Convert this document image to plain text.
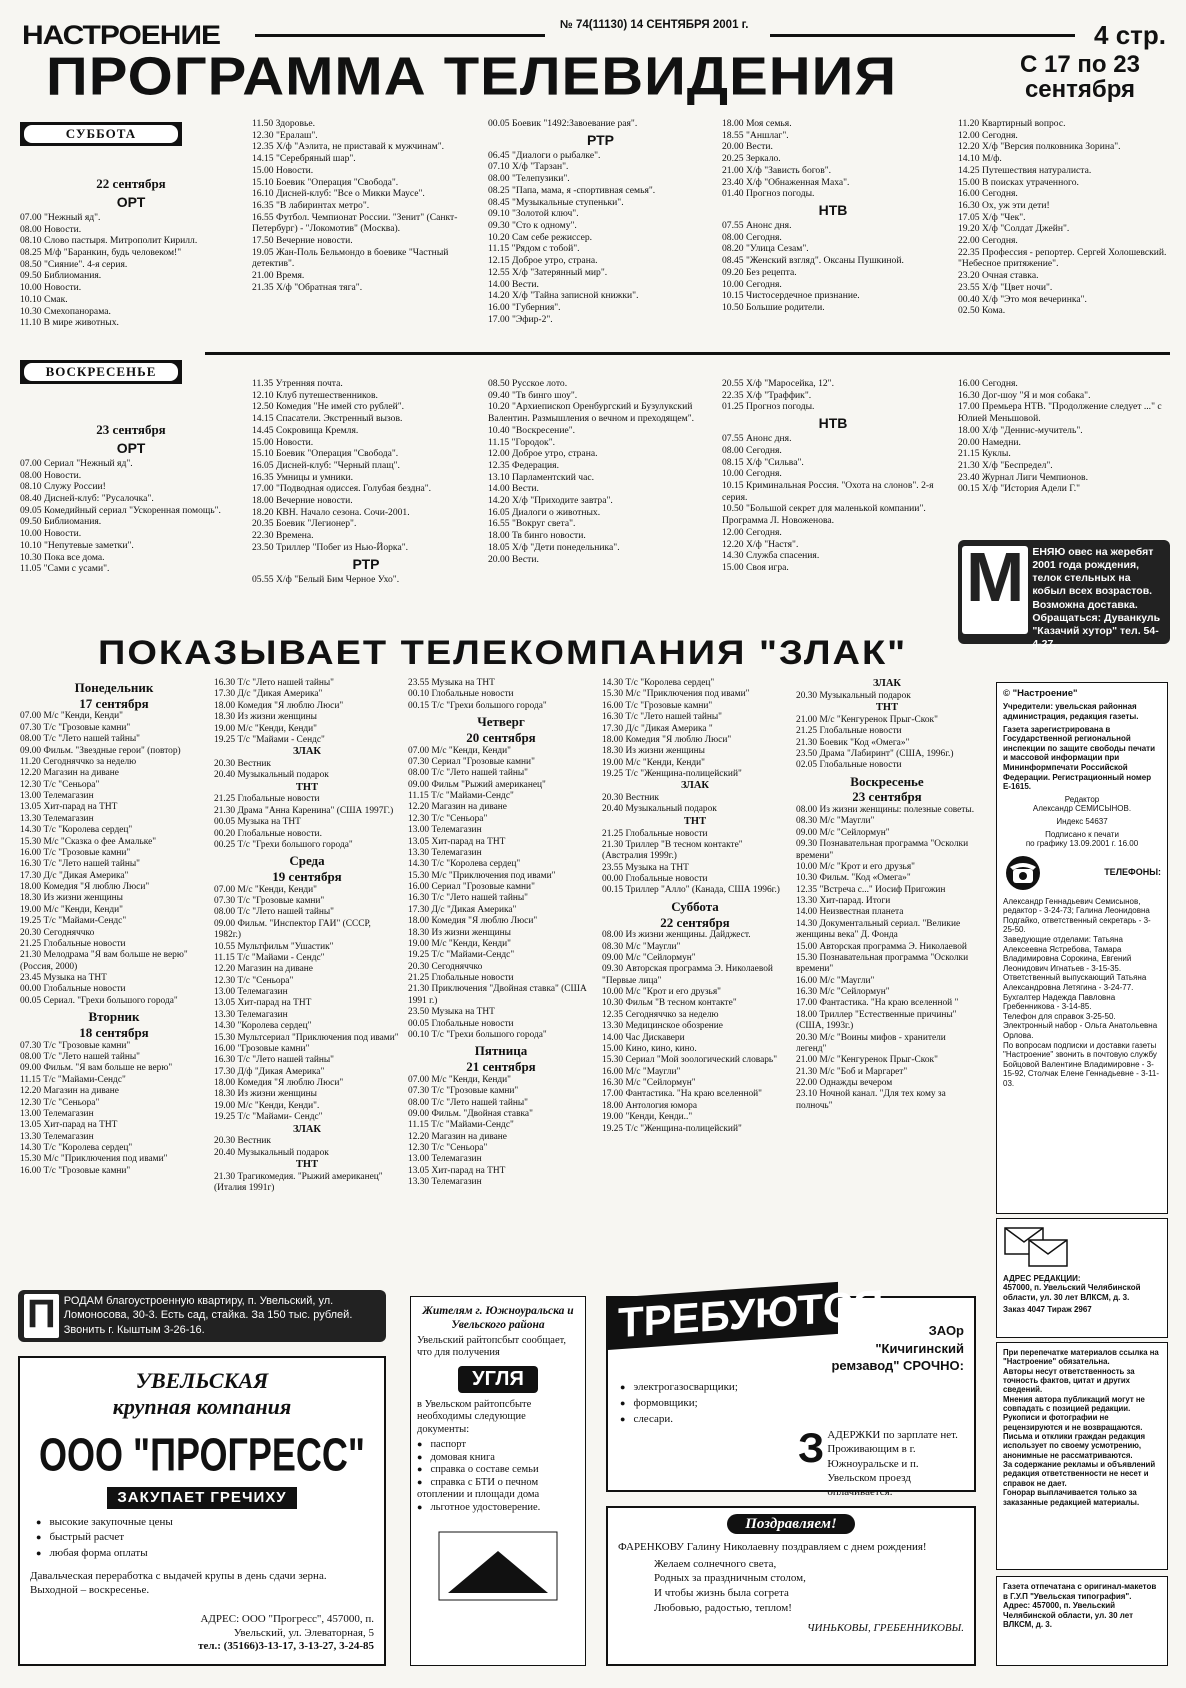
НАСТРОЕНИЕ	№ 74(11130) 14 СЕНТЯБРЯ 2001 г.	4 стр.
ПРОГРАММА ТЕЛЕВИДЕНИЯ	С 17 по 23
сентября
СУББОТА
22 сентября
ОРТ
07.00 "Нежный яд".
08.00 Новости.
08.10 Слово пастыря. Митрополит Кирилл.
08.25 М/ф "Баранкин, будь человеком!"
08.50 "Сияние". 4-я серия.
09.50 Библиомания.
10.00 Новости.
10.10 Смак.
10.30 Смехопанорама.
11.10 В мире животных.
11.50 Здоровье.
12.30 "Ералаш".
12.35 Х/ф "Аэлита, не приставай к мужчинам".
14.15 "Серебряный шар".
15.00 Новости.
15.10 Боевик "Операция "Свобода".
16.10 Дисней-клуб: "Все о Микки Маусе".
16.35 "В лабиринтах метро".
16.55 Футбол. Чемпионат России. "Зенит" (Санкт-Петербург) - "Локомотив" (Москва).
17.50 Вечерние новости.
19.05 Жан-Поль Бельмондо в боевике "Частный детектив".
21.00 Время.
21.35 Х/ф "Обратная тяга".
00.05 Боевик "1492:Завоевание рая".
РТР
06.45 "Диалоги о рыбалке".
07.10 Х/ф "Тарзан".
08.00 "Телепузики".
08.25 "Папа, мама, я -спортивная семья".
08.45 "Музыкальные ступеньки".
09.10 "Золотой ключ".
09.30 "Сто к одному".
10.20 Сам себе режиссер.
11.15 "Рядом с тобой".
12.15 Доброе утро, страна.
12.55 Х/ф "Затерянный мир".
14.00 Вести.
14.20 Х/ф "Тайна записной книжки".
16.00 "Губерния".
17.00 "Эфир-2".
18.00 Моя семья.
18.55 "Аншлаг".
20.00 Вести.
20.25 Зеркало.
21.00 Х/ф "Зависть богов".
23.40 Х/ф "Обнаженная Маха".
01.40 Прогноз погоды.
НТВ
07.55 Анонс дня.
08.00 Сегодня.
08.20 "Улица Сезам".
08.45 "Женский взгляд". Оксаны Пушкиной.
09.20 Без рецепта.
10.00 Сегодня.
10.15 Чистосердечное признание.
10.50 Большие родители.
11.20 Квартирный вопрос.
12.00 Сегодня.
12.20 Х/ф "Версия полковника Зорина".
14.10 М/ф.
14.25 Путешествия натуралиста.
15.00 В поисках утраченного.
16.00 Сегодня.
16.30 Ох, уж эти дети!
17.05 Х/ф "Чек".
19.20 Х/ф "Солдат Джейн".
22.00 Сегодня.
22.35 Профессия - репортер. Сергей Холошевский. "Небесное притяжение".
23.20 Очная ставка.
23.55 Х/ф "Цвет ночи".
00.40 Х/ф "Это моя вечеринка".
02.50 Кома.
ВОСКРЕСЕНЬЕ
23 сентября
ОРТ
07.00 Сериал "Нежный яд".
08.00 Новости.
08.10 Служу России!
08.40 Дисней-клуб: "Русалочка".
09.05 Комедийный сериал "Ускоренная помощь".
09.50 Библиомания.
10.00 Новости.
10.10 "Непутевые заметки".
10.30 Пока все дома.
11.05 "Сами с усами".
11.35 Утренняя почта.
12.10 Клуб путешественников.
12.50 Комедия "Не имей сто рублей".
14.15 Спасатели. Экстренный вызов.
14.45 Сокровища Кремля.
15.00 Новости.
15.10 Боевик "Операция "Свобода".
16.05 Дисней-клуб: "Черный плащ".
16.35 Умницы и умники.
17.00 "Подводная одиссея. Голубая бездна".
18.00 Вечерние новости.
18.20 КВН. Начало сезона. Сочи-2001.
20.35 Боевик "Легионер".
22.30 Времена.
23.50 Триллер "Побег из Нью-Йорка".
РТР
05.55 Х/ф "Белый Бим Черное Ухо".
08.50 Русское лото.
09.40 "Тв бинго шоу".
10.20 "Архиепископ Оренбургский и Бузулукский Валентин. Размышления о вечном и преходящем".
10.40 "Воскресение".
11.15 "Городок".
12.00 Доброе утро, страна.
12.35 Федерация.
13.10 Парламентский час.
14.00 Вести.
14.20 Х/ф "Приходите завтра".
16.05 Диалоги о животных.
16.55 "Вокруг света".
18.00 Тв бинго новости.
18.05 Х/ф "Дети понедельника".
20.00 Вести.
20.55 Х/ф "Маросейка, 12".
22.35 Х/ф "Траффик".
01.25 Прогноз погоды.
НТВ
07.55 Анонс дня.
08.00 Сегодня.
08.15 Х/ф "Сильва".
10.00 Сегодня.
10.15 Криминальная Россия. "Охота на слонов". 2-я серия.
10.50 "Большой секрет для маленькой компании". Программа Л. Новоженова.
12.00 Сегодня.
12.20 Х/ф "Настя".
14.30 Служба спасения.
15.00 Своя игра.
16.00 Сегодня.
16.30 Дог-шоу "Я и моя собака".
17.00 Премьера НТВ. "Продолжение следует ..." с Юлией Меньшовой.
18.00 Х/ф "Деннис-мучитель".
20.00 Намедни.
21.15 Куклы.
21.30 Х/ф "Беспредел".
23.40 Журнал Лиги Чемпионов.
00.15 Х/ф "История Адели Г."
М ЕНЯЮ овес на жеребят 2001 года рождения, телок стельных на кобыл всех возрастов. Возможна доставка. Обращаться: Дуванкуль "Казачий хутор" тел. 54-4-27.
ПОКАЗЫВАЕТ ТЕЛЕКОМПАНИЯ "ЗЛАК"
Понедельник
17 сентября
07.00 М/с "Кенди, Кенди"
07.30 Т/с "Грозовые камни"
08.00 Т/с "Лето нашей тайны"
09.00 Фильм. "Звездные герои" (повтор)
11.20 Сегодняччко за неделю
12.20 Магазин на диване
12.30 Т/с "Сеньора"
13.00 Телемагазин
13.05 Хит-парад на ТНТ
13.30 Телемагазин
14.30 Т/с "Королева сердец"
15.30 М/с "Сказка о фее Амальке"
16.00 Т/с "Грозовые камни"
16.30 Т/с "Лето нашей тайны"
17.30 Д/с "Дикая Америка"
18.00 Комедия "Я люблю Люси"
18.30 Из жизни женщины
19.00 М/с "Кенди, Кенди"
19.25 Т/с "Майами-Сендс"
20.30 Сегодняччко
21.25 Глобальные новости
21.30 Мелодрама "Я вам больше не верю" (Россия, 2000)
23.45 Музыка на ТНТ
00.00 Глобальные новости
00.05 Сериал. "Грехи большого города"
Вторник
18 сентября
07.30 Т/с "Грозовые камни"
08.00 Т/с "Лето нашей тайны"
09.00 Фильм. "Я вам больше не верю"
11.15 Т/с "Майами-Сендс"
12.20 Магазин на диване
12.30 Т/с "Сеньора"
13.00 Телемагазин
13.05 Хит-парад на ТНТ
13.30 Телемагазин
14.30 Т/с "Королева сердец"
15.30 М/с "Приключения под ивами"
16.00 Т/с "Грозовые камни"
16.30 Т/с "Лето нашей тайны"
17.30 Д/с "Дикая Америка"
18.00 Комедия "Я люблю Люси"
18.30 Из жизни женщины
19.00 М/с "Кенди, Кенди"
19.25 Т/с "Майами - Сендс"
ЗЛАК
20.30 Вестник
20.40 Музыкальный подарок
ТНТ
21.25 Глобальные новости
21.30 Драма "Анна Каренина" (США 1997Г.)
00.05 Музыка на ТНТ
00.20 Глобальные новости.
00.25 Т/с "Грехи большого города"
Среда
19 сентября
07.00 М/с "Кенди, Кенди"
07.30 Т/с "Грозовые камни"
08.00 Т/с "Лето нашей тайны"
09.00 Фильм. "Инспектор ГАИ" (СССР, 1982г.)
10.55 Мультфильм "Ушастик"
11.15 Т/с "Майами - Сендс"
12.20 Магазин на диване
12.30 Т/с "Сеньора"
13.00 Телемагазин
13.05 Хит-парад на ТНТ
13.30 Телемагазин
14.30 "Королева сердец"
15.30 Мультсериал "Приключения под ивами"
16.00 "Грозовые камни"
16.30 Т/с "Лето нашей тайны"
17.30 Д/ф "Дикая Америка"
18.00 Комедия "Я люблю Люси"
18.30 Из жизни женщины
19.00 М/с "Кенди, Кенди".
19.25 Т/с "Майами- Сендс"
ЗЛАК
20.30 Вестник
20.40 Музыкальный подарок
ТНТ
21.30 Трагикомедия. "Рыжий американец" (Италия 1991г)
23.55 Музыка на ТНТ
00.10 Глобальные новости
00.15 Т/с "Грехи большого города"
Четверг
20 сентября
07.00 М/с "Кенди, Кенди"
07.30 Сериал "Грозовые камни"
08.00 Т/с "Лето нашей тайны"
09.00 Фильм "Рыжий американец"
11.15 Т/с "Майами-Сендс"
12.20 Магазин на диване
12.30 Т/с "Сеньора"
13.00 Телемагазин
13.05 Хит-парад на ТНТ
13.30 Телемагазин
14.30 Т/с "Королева сердец"
15.30 М/с "Приключения под ивами"
16.00 Сериал "Грозовые камни"
16.30 Т/с "Лето нашей тайны"
17.30 Д/с "Дикая Америка"
18.00 Комедия "Я люблю Люси"
18.30 Из жизни женщины
19.00 М/с "Кенди, Кенди"
19.25 Т/с "Майами-Сендс"
20.30 Сегодняччко
21.25 Глобальные новости
21.30 Приключения "Двойная ставка" (США 1991 г.)
23.50 Музыка на ТНТ
00.05 Глобальные новости
00.10 Т/с "Грехи большого города"
Пятница
21 сентября
07.00 М/с "Кенди, Кенди"
07.30 Т/с "Грозовые камни"
08.00 Т/с "Лето нашей тайны"
09.00 Фильм. "Двойная ставка"
11.15 Т/с "Майами-Сендс"
12.20 Магазин на диване
12.30 Т/с "Сеньора"
13.00 Телемагазин
13.05 Хит-парад на ТНТ
13.30 Телемагазин
14.30 Т/с "Королева сердец"
15.30 М/с "Приключения под ивами"
16.00 Т/с "Грозовые камни"
16.30 Т/с "Лето нашей тайны"
17.30 Д/с "Дикая Америка "
18.00 Комедия "Я люблю Люси"
18.30 Из жизни женщины
19.00 М/с "Кенди, Кенди"
19.25 Т/с "Женщина-полицейский"
ЗЛАК
20.30 Вестник
20.40 Музыкальный подарок
ТНТ
21.25 Глобальные новости
21.30 Триллер "В тесном контакте" (Австралия 1999г.)
23.55 Музыка на ТНТ
00.00 Глобальные новости
00.15 Триллер "Алло" (Канада, США 1996г.)
Суббота
22 сентября
08.00 Из жизни женщины. Дайджест.
08.30 М/с "Маугли"
09.00 М/с "Сейлормун"
09.30 Авторская программа Э. Николаевой "Первые лица"
10.00 М/с "Крот и его друзья"
10.30 Фильм "В тесном контакте"
12.35 Сегодняччко за неделю
13.30 Медицинское обозрение
14.00 Час Дискавери
15.00 Кино, кино, кино.
15.30 Сериал "Мой зоологический словарь"
16.00 М/с "Маугли"
16.30 М/с "Сейлормун"
17.00 Фантастика. "На краю вселенной"
18.00 Антология юмора
19.00 "Кенди, Кенди.."
19.25 Т/с "Женщина-полицейский"
ЗЛАК
20.30 Музыкальный подарок
ТНТ
21.00 М/с "Кенгуренок Прыг-Скок"
21.25 Глобальные новости
21.30 Боевик "Код «Омега»"
23.50 Драма "Лабиринт" (США, 1996г.)
02.05 Глобальные новости
Воскресенье
23 сентября
08.00 Из жизни женщины: полезные советы.
08.30 М/с "Маугли"
09.00 М/с "Сейлормун"
09.30 Познавательная программа "Осколки времени"
10.00 М/с "Крот и его друзья"
10.30 Фильм. "Код «Омега»"
12.35 "Встреча с..." Иосиф Пригожин
13.30 Хит-парад. Итоги
14.00 Неизвестная планета
14.30 Документальный сериал. "Великие женщины века" Д. Фонда
15.00 Авторская программа Э. Николаевой
15.30 Познавательная программа "Осколки времени"
16.00 М/с "Маугли"
16.30 М/с "Сейлормун"
17.00 Фантастика. "На краю вселенной "
18.00 Триллер "Естественные причины" (США, 1993г.)
20.30 М/с "Воины мифов - хранители легенд"
21.00 М/с "Кенгуренок Прыг-Скок"
21.30 М/с "Боб и Маргарет"
22.00 Однажды вечером
23.10 Ночной канал. "Для тех кому за полночь"

© "Настроение"

Учредители: увельская районная администрация, редакция газеты.

Газета зарегистрирована в Государственной региональной инспекции по защите свободы печати и массовой информации при Мининформпечати Российской Федерации. Регистрационный номер Е-1615.

Редактор

Александр СЕМИСЫНОВ.

Индекс 54637

Подписано к печати

по графику 13.09.2001 г. 16.00

ТЕЛЕФОНЫ:

Александр Геннадьевич Семисынов, редактор - 3-24-73; Галина Леонидовна Подгайко, ответственный секретарь - 3-25-50.
Заведующие отделами: Татьяна Алексеевна Ястребова, Тамара Владимировна Сорокина, Евгений Леонидович Игнатьев - 3-15-35.
Ответственный выпускающий Татьяна Александровна Летягина - 3-24-77.
Бухгалтер Надежда Павловна Гребенникова - 3-14-85.
Телефон для справок 3-25-50.
Электронный набор - Ольга Анатольевна Орлова.
По вопросам подписки и доставки газеты "Настроение" звонить в почтовую службу Бойцовой Валентине Владимировне - 3-15-92, Столчак Елене Геннадьевне - 3-11-03.

АДРЕС РЕДАКЦИИ:

457000, п. Увельский Челябинской области, ул. 30 лет ВЛКСМ, д. 3.

Заказ 4047 Тираж 2967

При перепечатке материалов ссылка на "Настроение" обязательна.
Авторы несут ответственность за точность фактов, цитат и других сведений.
Мнения автора публикаций могут не совпадать с позицией редакции. Рукописи и фотографии не рецензируются и не возвращаются.
Письма и отклики граждан редакция использует по своему усмотрению, анонимные не рассматриваются.
За содержание рекламы и объявлений редакция ответственности не несет и справок не дает.
Гонорар выплачивается только за заказанные редакцией материалы.
Газета отпечатана с оригинал-макетов в Г.У.П "Увельская типография".
Адрес: 457000, п. Увельский Челябинской области, ул. 30 лет ВЛКСМ, д. 3.
П РОДАМ благоустроенную квартиру, п. Увельский, ул. Ломоносова, 30-3. Есть сад, стайка. За 150 тыс. рублей. Звонить г. Кыштым 3-26-16.
УВЕЛЬСКАЯ
крупная компания
ООО "ПРОГРЕСС"
ЗАКУПАЕТ ГРЕЧИХУ
● высокие закупочные цены
● быстрый расчет
● любая форма оплаты
Давальческая переработка с выдачей крупы в день сдачи зерна. Выходной – воскресенье.
АДРЕС: ООО "Прогресс", 457000, п. Увельский, ул. Элеваторная, 5
тел.: (35166)3-13-17, 3-13-27, 3-24-85
Жителям г. Южноуральска и Увельского района
Увельский райтопсбыт сообщает, что для получения
УГЛЯ
в Увельском райтопсбыте необходимы следующие документы:
● паспорт
● домовая книга
● справка о составе семьи
● справка с БТИ о печном отоплении и площади дома
● льготное удостоверение.
ТРЕБУЮТСЯ	ЗАОр
"Кичигинский
ремзавод" СРОЧНО:
● электрогазосварщики;
● формовщики;
● слесари.
З АДЕРЖКИ по зарплате нет. Проживающим в г. Южноуральске и п. Увельском проезд оплачивается.
Поздравляем!
ФАРЕНКОВУ Галину Николаевну поздравляем с днем рождения!
Желаем солнечного света,
Родных за праздничным столом,
И чтобы жизнь была согрета
Любовью, радостью, теплом!
ЧИНЬКОВЫ, ГРЕБЕННИКОВЫ.
